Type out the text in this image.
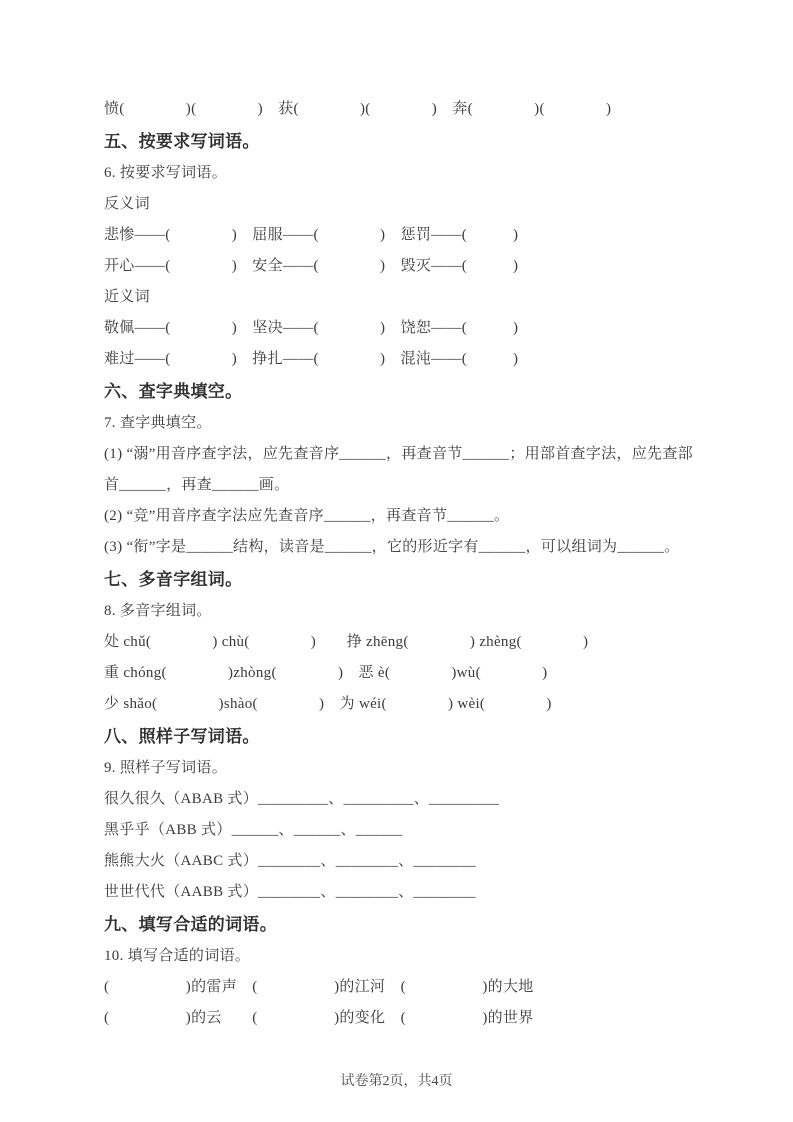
愤(　　　　)(　　　　)　获(　　　　)(　　　　)　奔(　　　　)(　　　　)
五、按要求写词语。
6. 按要求写词语。
反义词
悲惨——(　　　　)　屈服——(　　　　)　惩罚——(　　　)
开心——(　　　　)　安全——(　　　　)　毁灭——(　　　)
近义词
敬佩——(　　　　)　坚决——(　　　　)　饶恕——(　　　)
难过——(　　　　)　挣扎——(　　　　)　混沌——(　　　)
六、查字典填空。
7. 查字典填空。
(1) “溺”用音序查字法，应先查音序______，再查音节______；用部首查字法，应先查部
首______，再查______画。
(2) “竞”用音序查字法应先查音序______，再查音节______。
(3) “衔”字是______结构，读音是______，它的形近字有______，可以组词为______。
七、多音字组词。
8. 多音字组词。
处 chǔ(　　　　) chù(　　　　)　　挣 zhēng(　　　　) zhèng(　　　　)
重 chóng(　　　　)zhòng(　　　　)　恶 è(　　　　)wù(　　　　)
少 shǎo(　　　　)shào(　　　　)　为 wéi(　　　　) wèi(　　　　)
八、照样子写词语。
9. 照样子写词语。
很久很久（ABAB 式）_________、_________、_________
黑乎乎（ABB 式）______、______、______
熊熊大火（AABC 式）________、________、________
世世代代（AABB 式）________、________、________
九、填写合适的词语。
10. 填写合适的词语。
(　　　　　)的雷声　(　　　　　)的江河　(　　　　　)的大地
(　　　　　)的云　　(　　　　　)的变化　(　　　　　)的世界
试卷第2页，共4页
